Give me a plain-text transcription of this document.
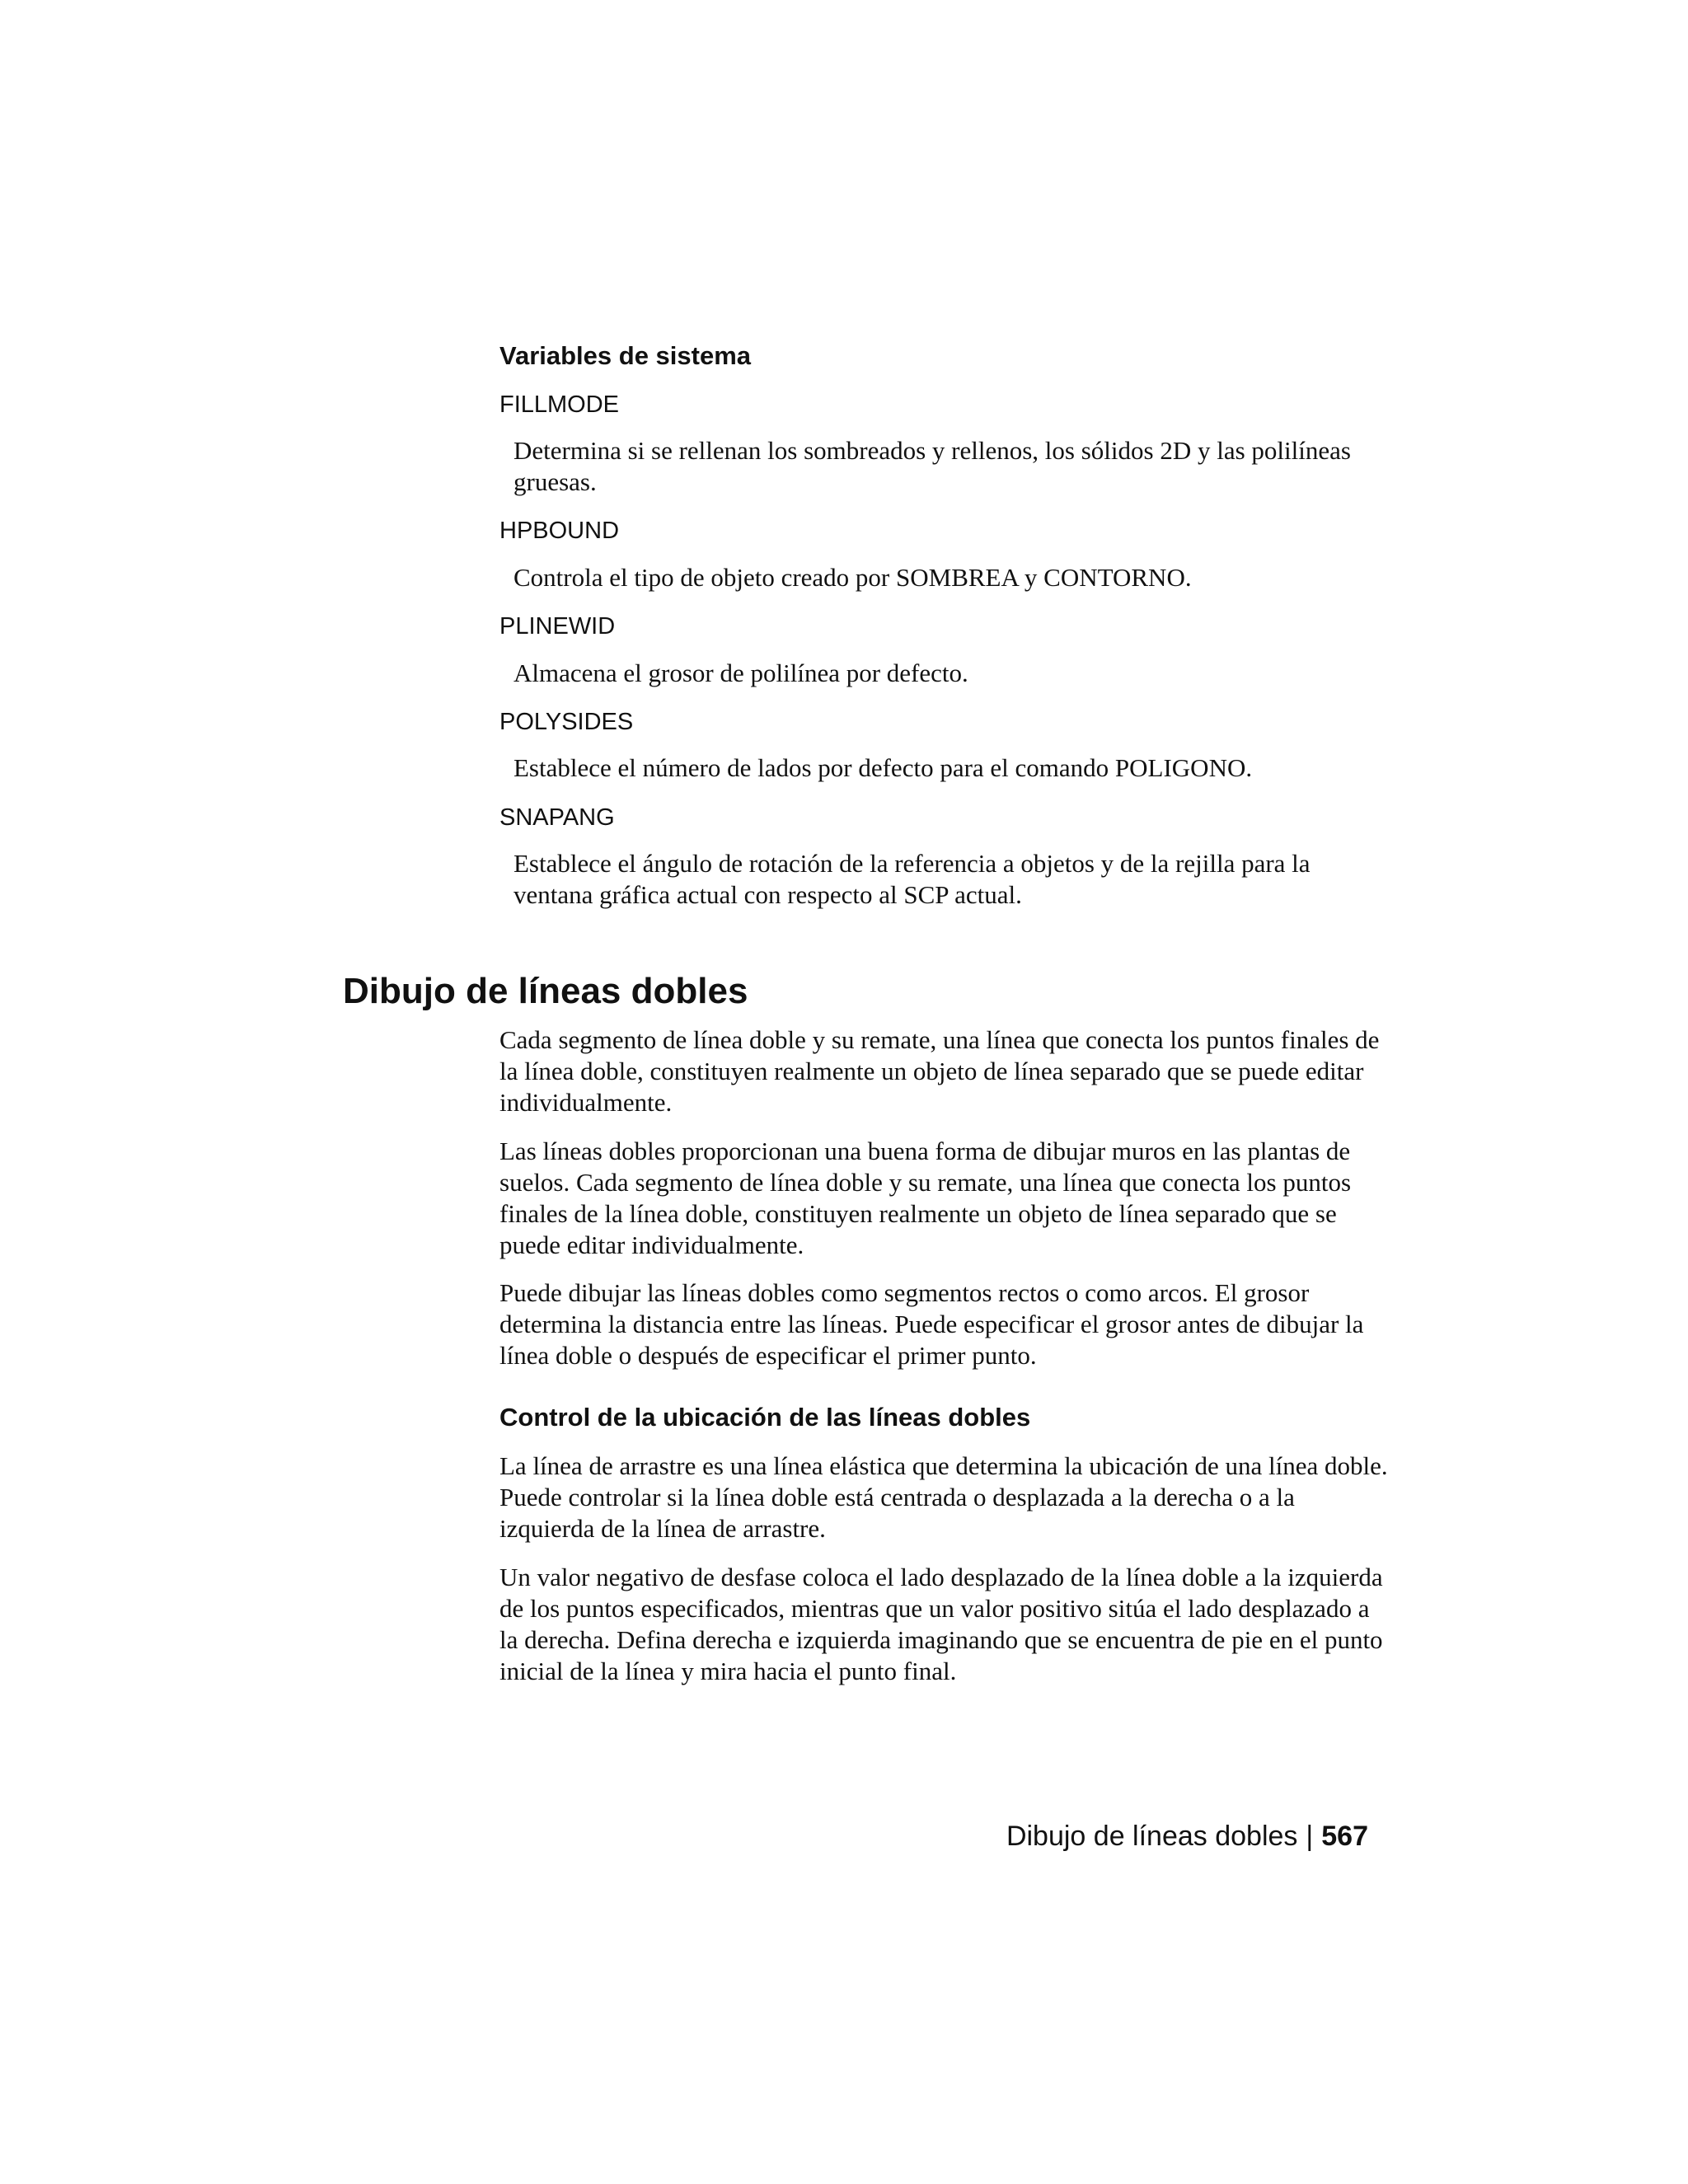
Variables de sistema
FILLMODE
Determina si se rellenan los sombreados y rellenos, los sólidos 2D y las polilíneas gruesas.
HPBOUND
Controla el tipo de objeto creado por SOMBREA y CONTORNO.
PLINEWID
Almacena el grosor de polilínea por defecto.
POLYSIDES
Establece el número de lados por defecto para el comando POLIGONO.
SNAPANG
Establece el ángulo de rotación de la referencia a objetos y de la rejilla para la ventana gráfica actual con respecto al SCP actual.
Dibujo de líneas dobles

Cada segmento de línea doble y su remate, una línea que conecta los puntos finales de la línea doble, constituyen realmente un objeto de línea separado que se puede editar individualmente.

Las líneas dobles proporcionan una buena forma de dibujar muros en las plantas de suelos. Cada segmento de línea doble y su remate, una línea que conecta los puntos finales de la línea doble, constituyen realmente un objeto de línea separado que se puede editar individualmente.

Puede dibujar las líneas dobles como segmentos rectos o como arcos. El grosor determina la distancia entre las líneas. Puede especificar el grosor antes de dibujar la línea doble o después de especificar el primer punto.

Control de la ubicación de las líneas dobles

La línea de arrastre es una línea elástica que determina la ubicación de una línea doble. Puede controlar si la línea doble está centrada o desplazada a la derecha o a la izquierda de la línea de arrastre.

Un valor negativo de desfase coloca el lado desplazado de la línea doble a la izquierda de los puntos especificados, mientras que un valor positivo sitúa el lado desplazado a la derecha. Defina derecha e izquierda imaginando que se encuentra de pie en el punto inicial de la línea y mira hacia el punto final.

Dibujo de líneas dobles | 567
